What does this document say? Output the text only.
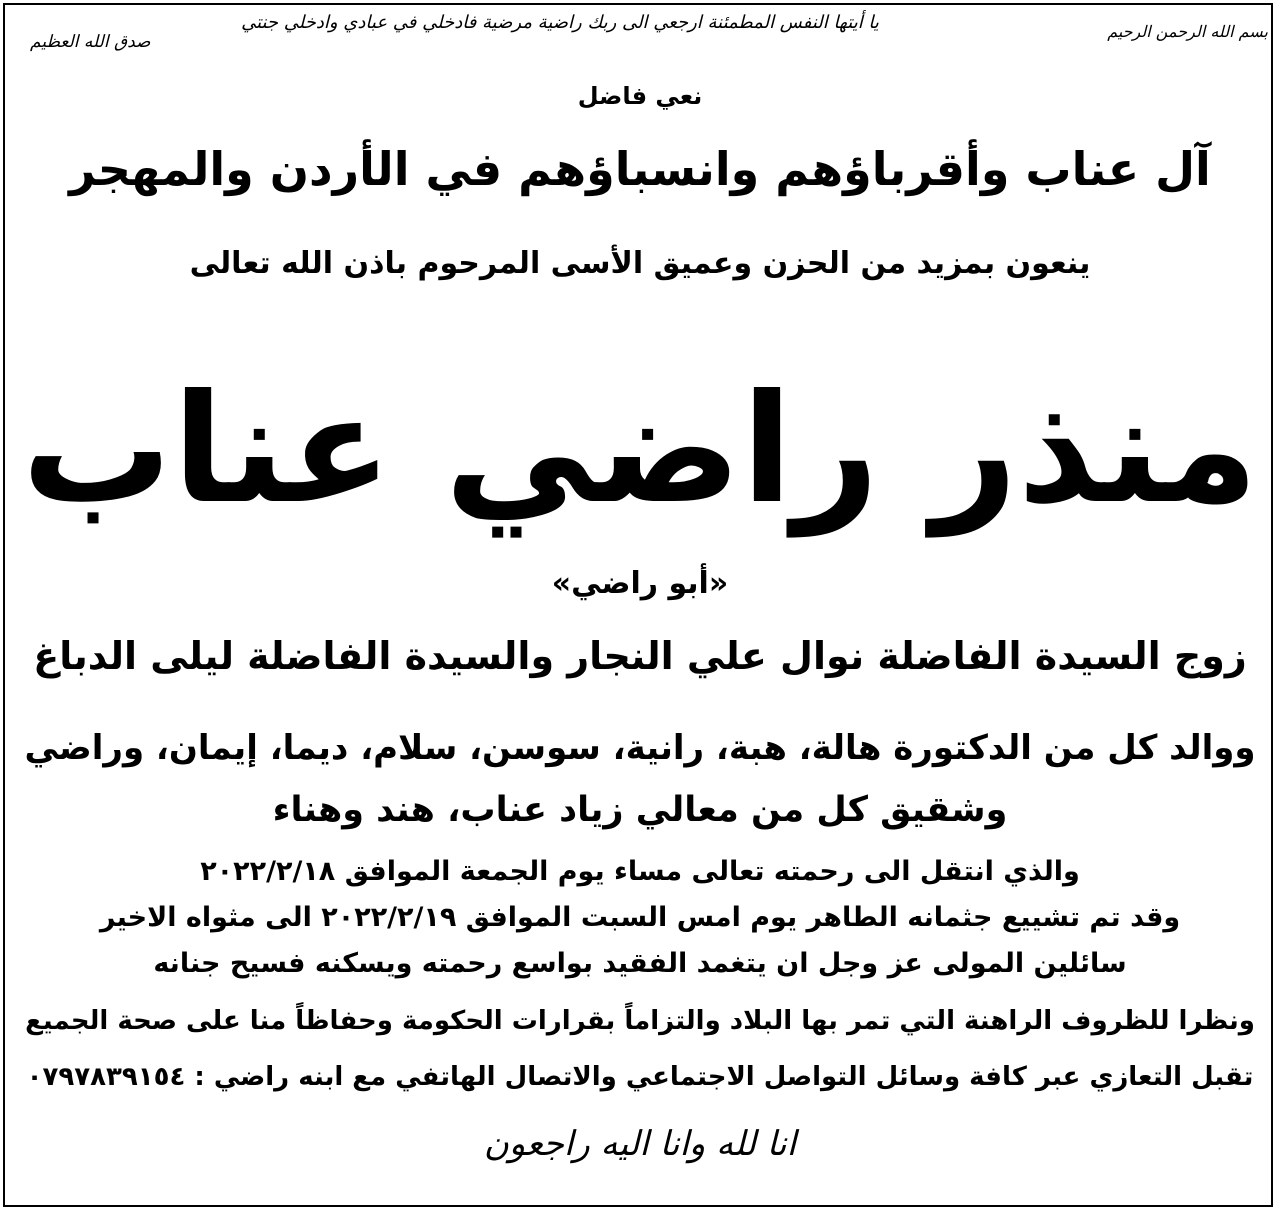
بسم الله الرحمن الرحيم
يا أيتها النفس المطمئنة ارجعي الى ربك راضية مرضية فادخلي في عبادي وادخلي جنتي
صدق الله العظيم
نعي فاضل
آل عناب وأقرباؤهم وانسباؤهم في الأردن والمهجر
ينعون بمزيد من الحزن وعميق الأسى المرحوم باذن الله تعالى
منذر راضي عناب
«أبو راضي»
زوج السيدة الفاضلة نوال علي النجار والسيدة الفاضلة ليلى الدباغ
ووالد كل من الدكتورة هالة، هبة، رانية، سوسن، سلام، ديما، إيمان، وراضي
وشقيق كل من معالي زياد عناب، هند وهناء
والذي انتقل الى رحمته تعالى مساء يوم الجمعة الموافق ٢٠٢٢/٢/١٨
وقد تم تشييع جثمانه الطاهر يوم امس السبت الموافق ٢٠٢٢/٢/١٩ الى مثواه الاخير
سائلين المولى عز وجل ان يتغمد الفقيد بواسع رحمته ويسكنه فسيح جنانه
ونظرا للظروف الراهنة التي تمر بها البلاد والتزاماً بقرارات الحكومة وحفاظاً منا على صحة الجميع
تقبل التعازي عبر كافة وسائل التواصل الاجتماعي والاتصال الهاتفي مع ابنه راضي : ٠٧٩٧٨٣٩١٥٤
انا لله وانا اليه راجعون
